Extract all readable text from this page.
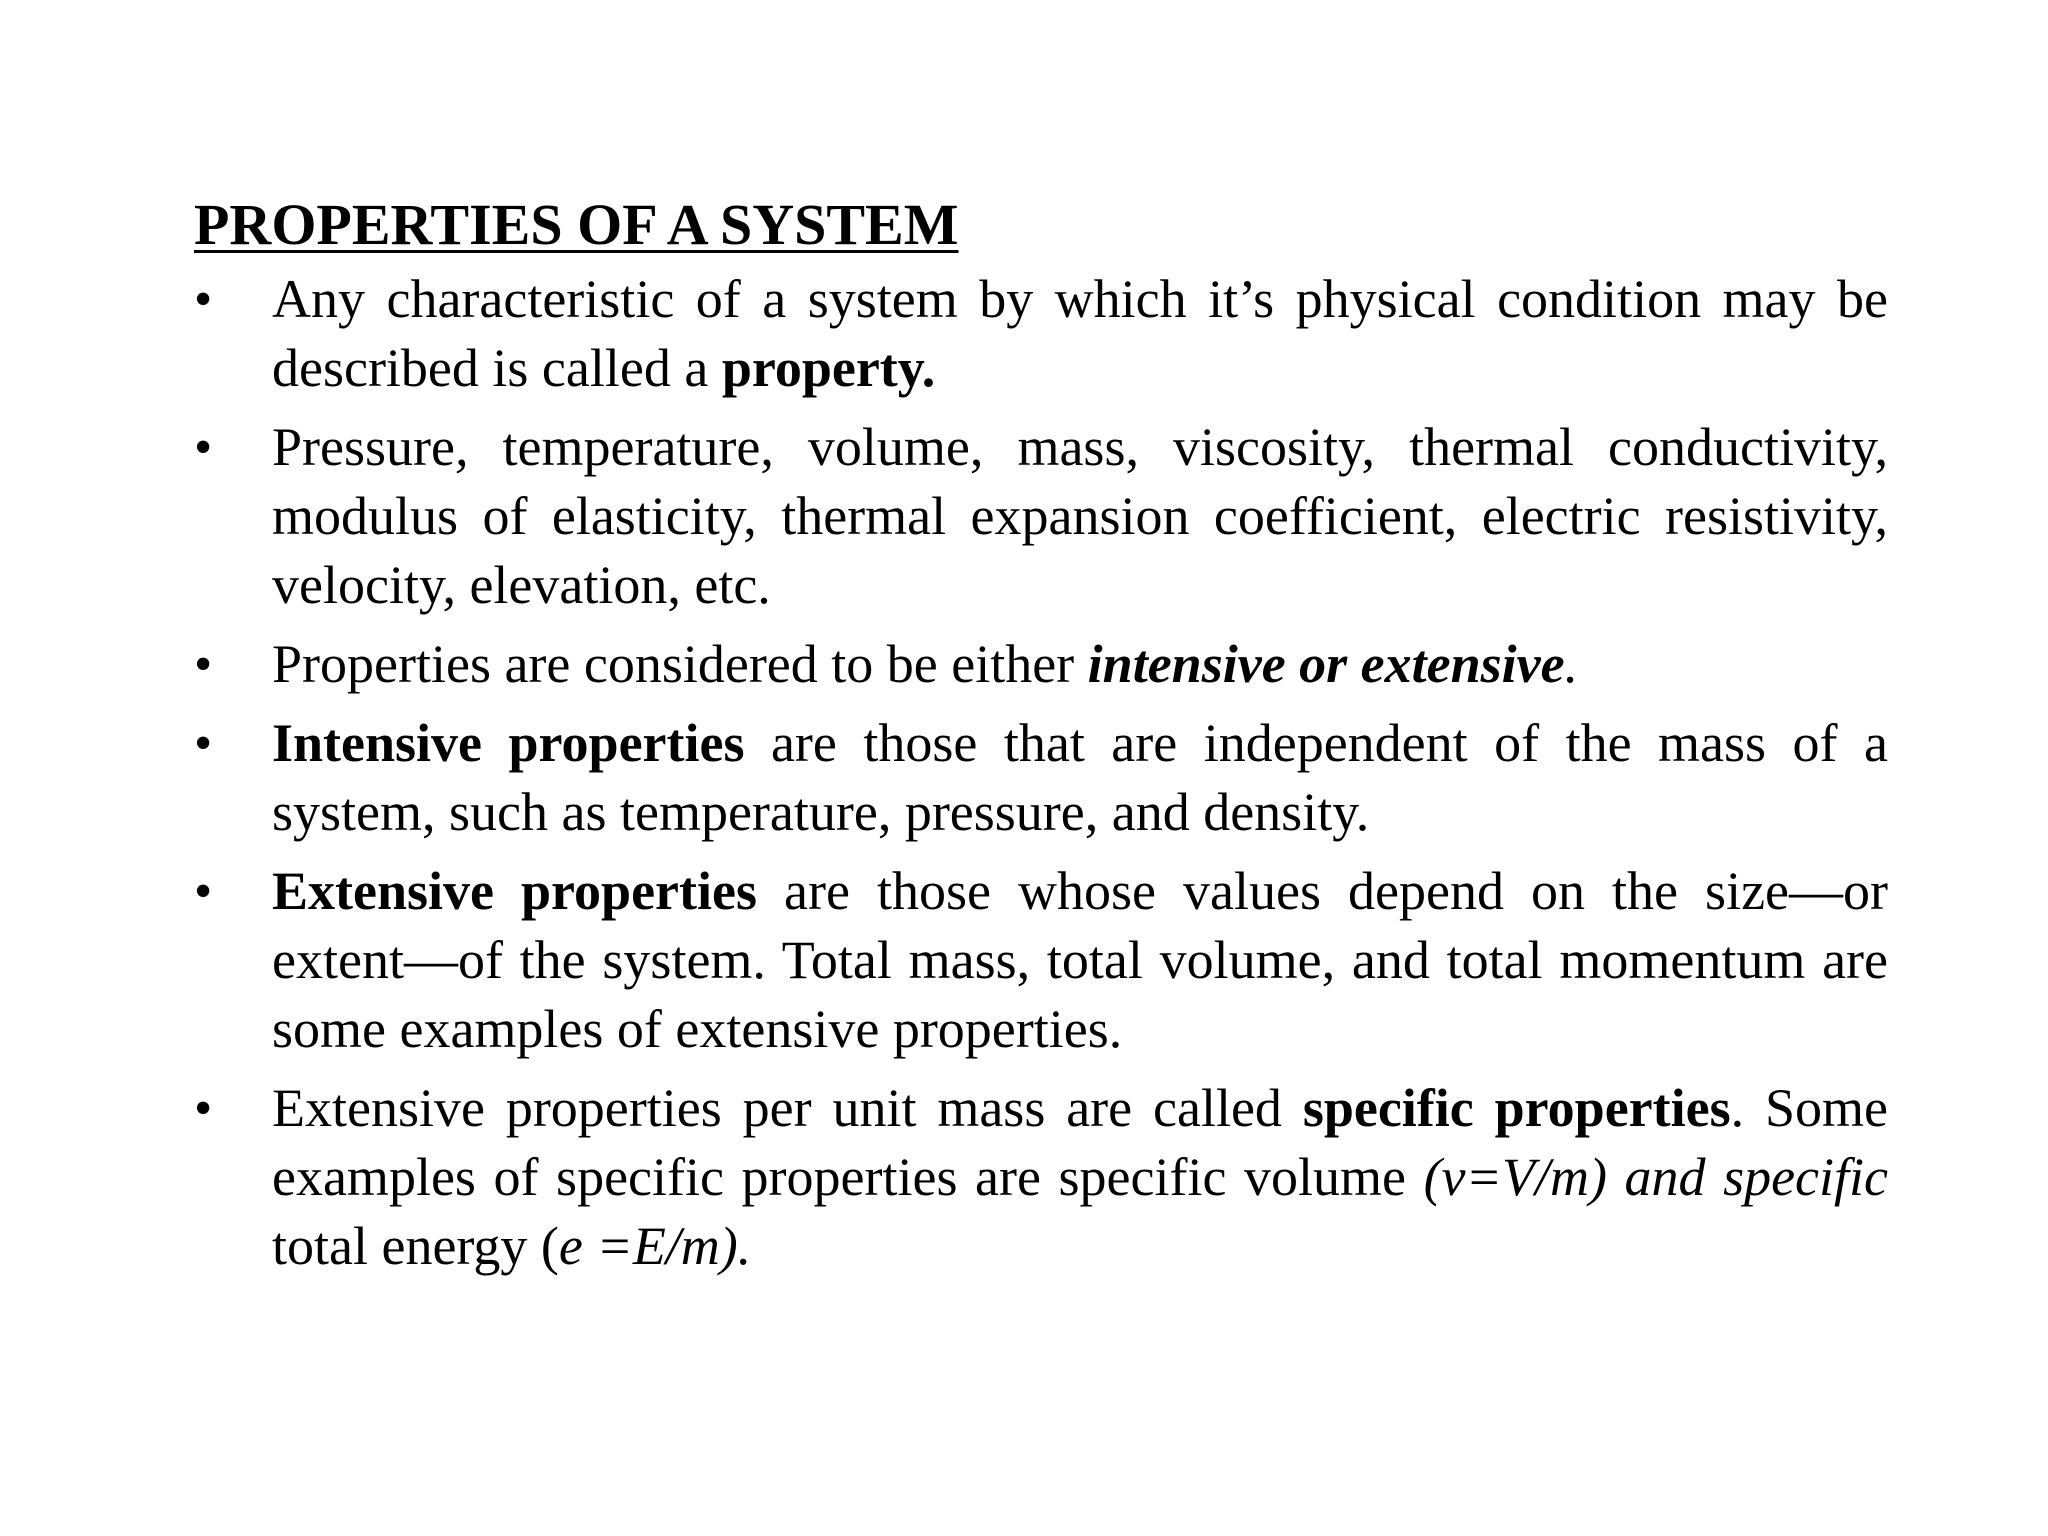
PROPERTIES OF A SYSTEM
•	Any characteristic of a system by which it’s physical condition may be described is called a property.

•	Pressure, temperature, volume, mass, viscosity, thermal conductivity, modulus of elasticity, thermal expansion coefficient, electric resistivity, velocity, elevation, etc.

•	Properties are considered to be either intensive or extensive.

•	Intensive properties are those that are independent of the mass of a system, such as temperature, pressure, and density.

•	Extensive properties are those whose values depend on the size—or extent—of the system. Total mass, total volume, and total momentum are some examples of extensive properties.

•	Extensive properties per unit mass are called specific properties. Some examples of specific properties are specific volume (v=V/m) and specific total energy (e =E/m).
